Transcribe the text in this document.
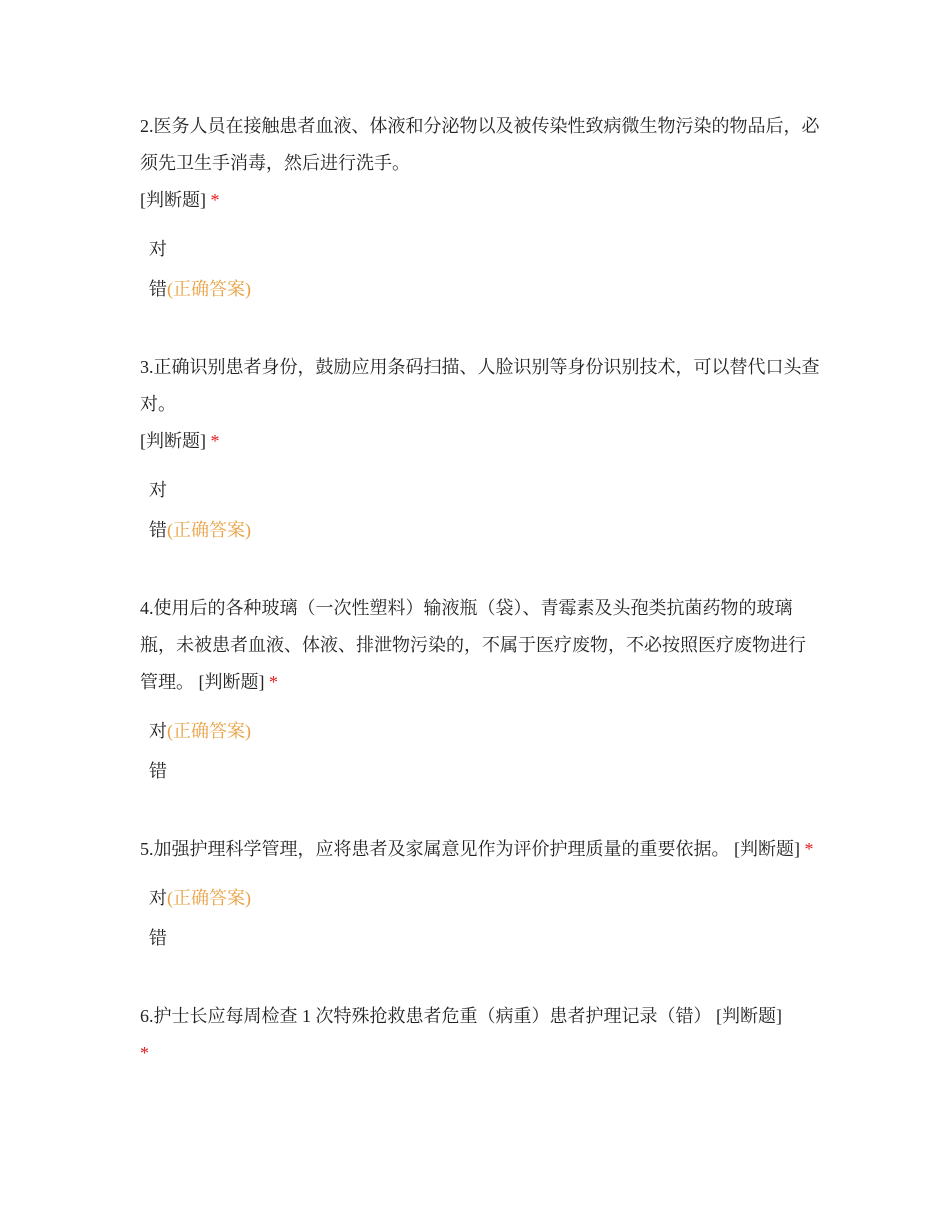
2.医务人员在接触患者血液、体液和分泌物以及被传染性致病微生物污染的物品后，必须先卫生手消毒，然后进行洗手。
[判断题] *
对
错(正确答案)
3.正确识别患者身份，鼓励应用条码扫描、人脸识别等身份识别技术，可以替代口头查对。
[判断题] *
对
错(正确答案)
4.使用后的各种玻璃（一次性塑料）输液瓶（袋）、青霉素及头孢类抗菌药物的玻璃瓶，未被患者血液、体液、排泄物污染的，不属于医疗废物，不必按照医疗废物进行管理。 [判断题] *
对(正确答案)
错
5.加强护理科学管理，应将患者及家属意见作为评价护理质量的重要依据。 [判断题] *
对(正确答案)
错
6.护士长应每周检查 1 次特殊抢救患者危重（病重）患者护理记录（错） [判断题]
*
